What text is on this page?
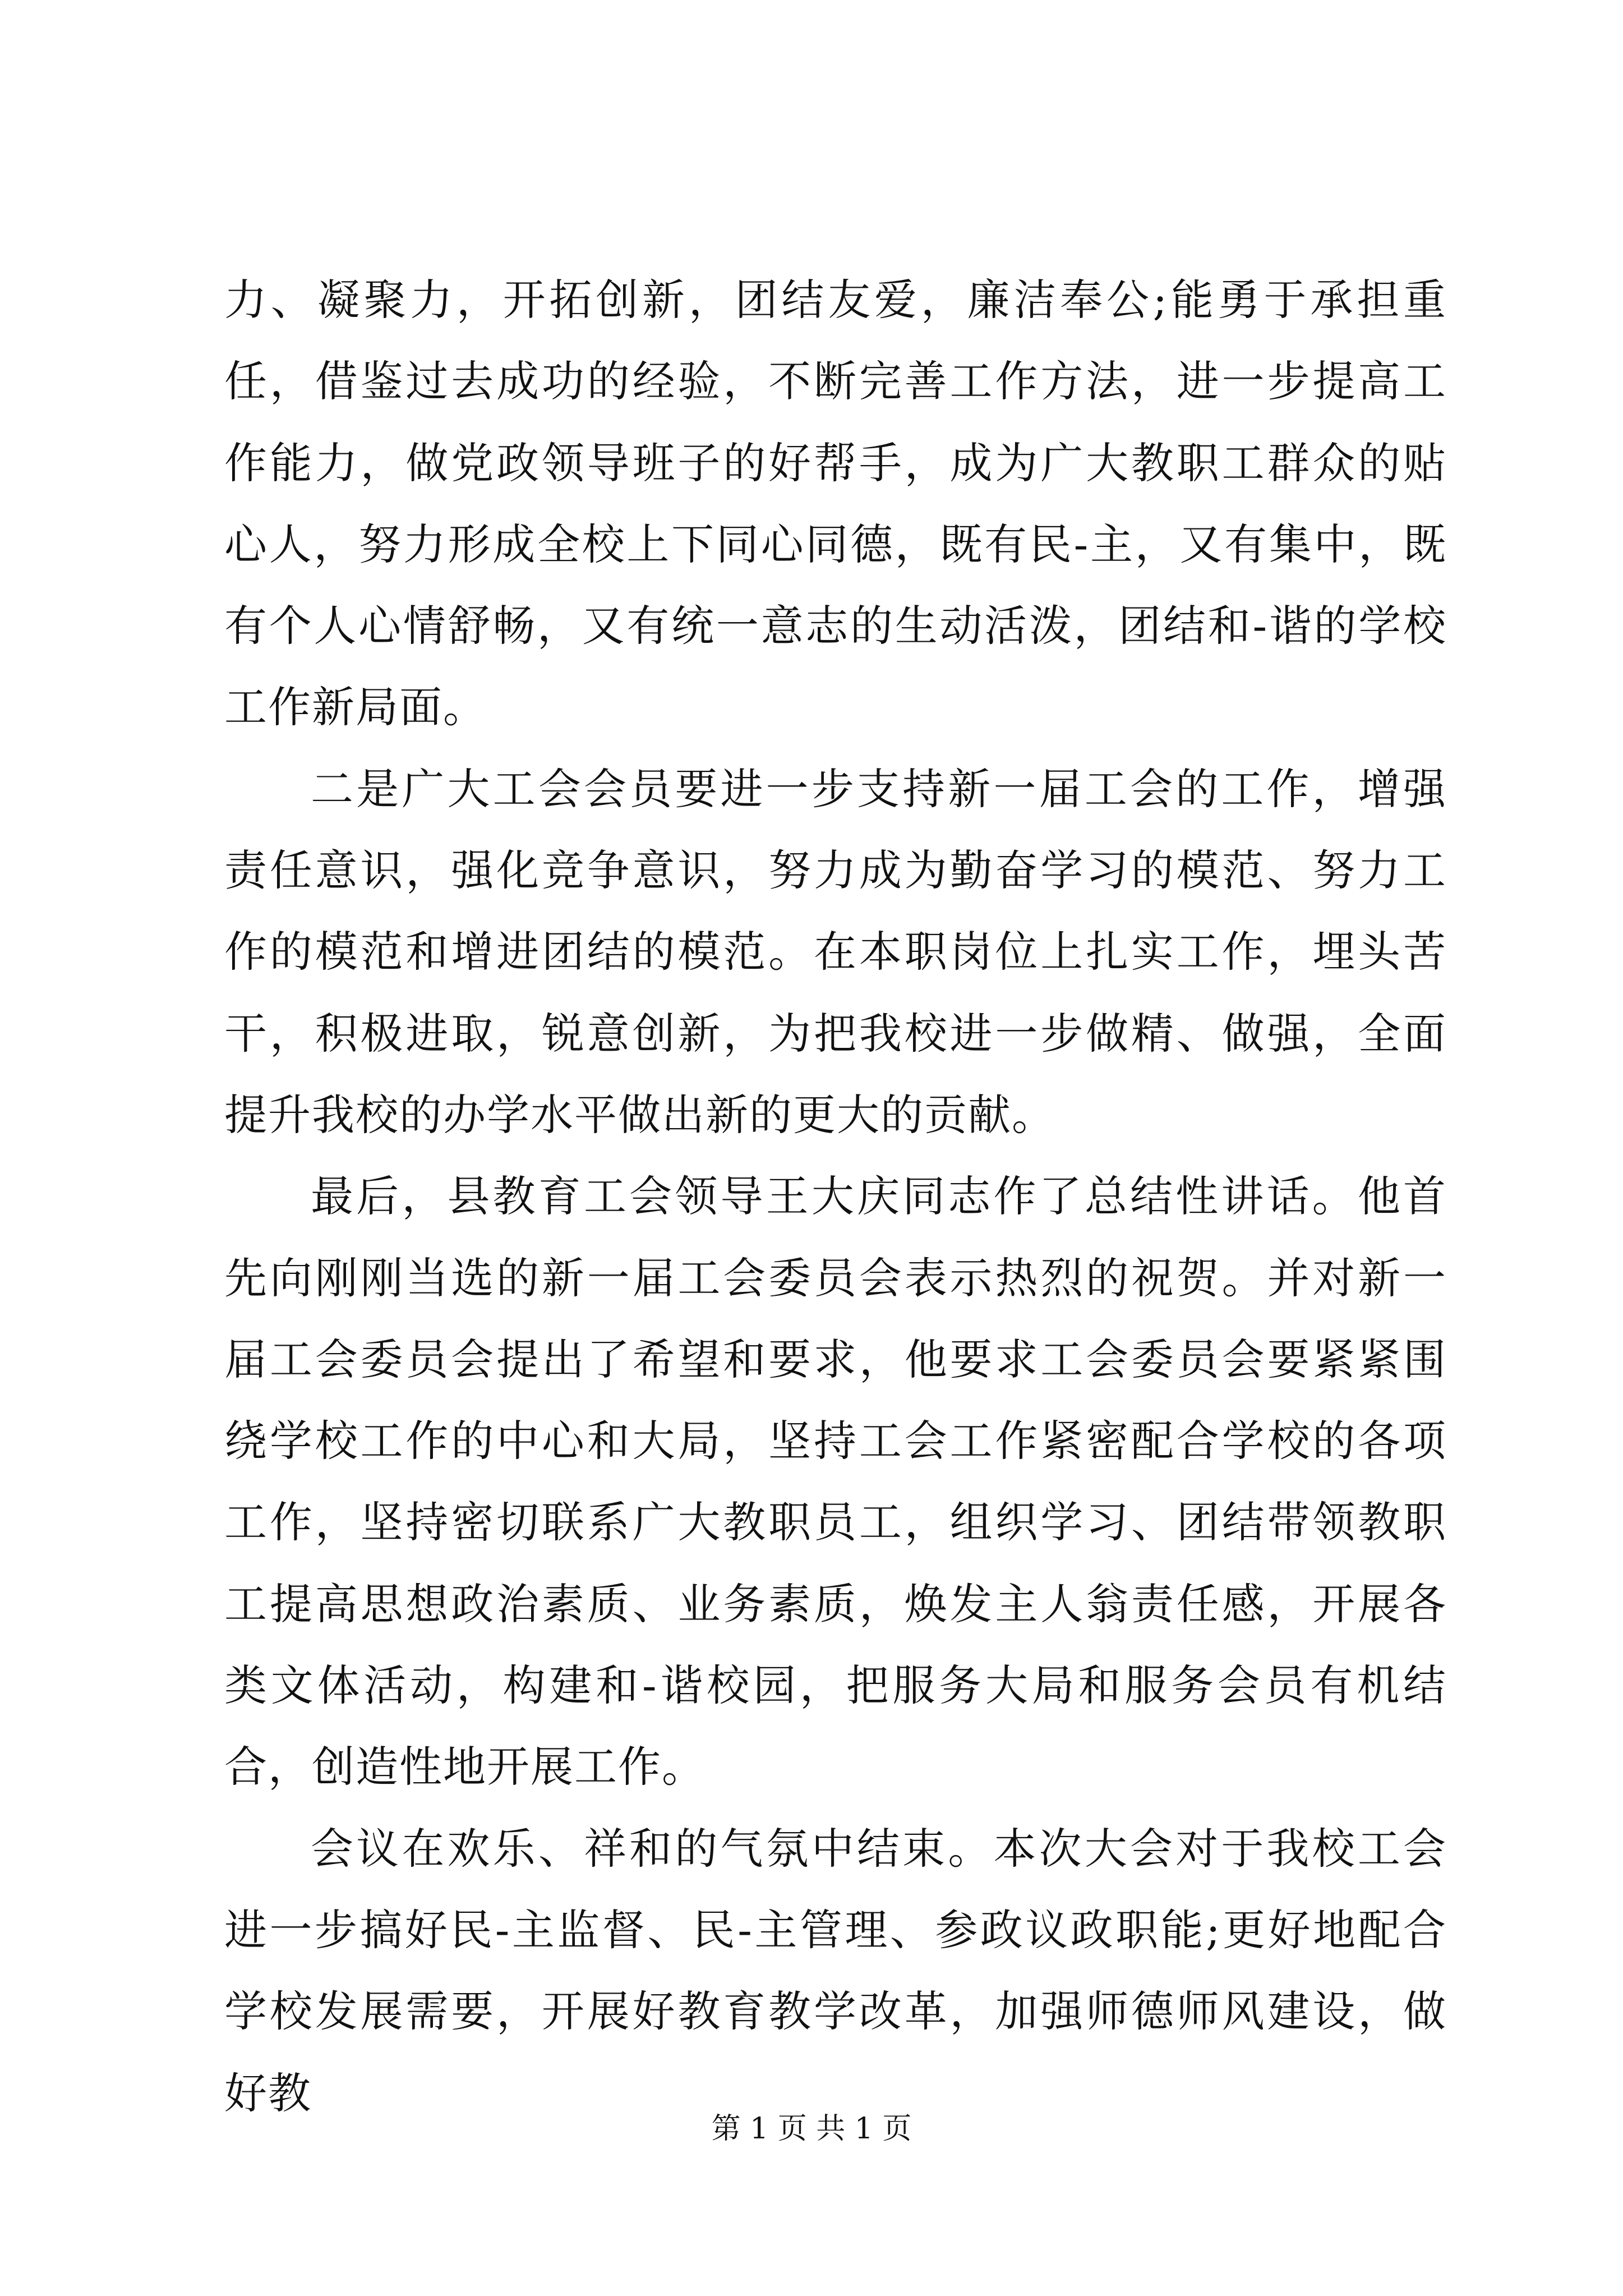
力、凝聚力，开拓创新，团结友爱，廉洁奉公;能勇于承担重任，借鉴过去成功的经验，不断完善工作方法，进一步提高工作能力，做党政领导班子的好帮手，成为广大教职工群众的贴心人，努力形成全校上下同心同德，既有民-主，又有集中，既有个人心情舒畅，又有统一意志的生动活泼，团结和-谐的学校工作新局面。

二是广大工会会员要进一步支持新一届工会的工作，增强责任意识，强化竞争意识，努力成为勤奋学习的模范、努力工作的模范和增进团结的模范。在本职岗位上扎实工作，埋头苦干，积极进取，锐意创新，为把我校进一步做精、做强，全面提升我校的办学水平做出新的更大的贡献。

最后，县教育工会领导王大庆同志作了总结性讲话。他首先向刚刚当选的新一届工会委员会表示热烈的祝贺。并对新一届工会委员会提出了希望和要求，他要求工会委员会要紧紧围绕学校工作的中心和大局，坚持工会工作紧密配合学校的各项工作，坚持密切联系广大教职员工，组织学习、团结带领教职工提高思想政治素质、业务素质，焕发主人翁责任感，开展各类文体活动，构建和-谐校园，把服务大局和服务会员有机结合，创造性地开展工作。

会议在欢乐、祥和的气氛中结束。本次大会对于我校工会进一步搞好民-主监督、民-主管理、参政议政职能;更好地配合学校发展需要，开展好教育教学改革，加强师德师风建设，做好教

第 1 页 共 1 页
